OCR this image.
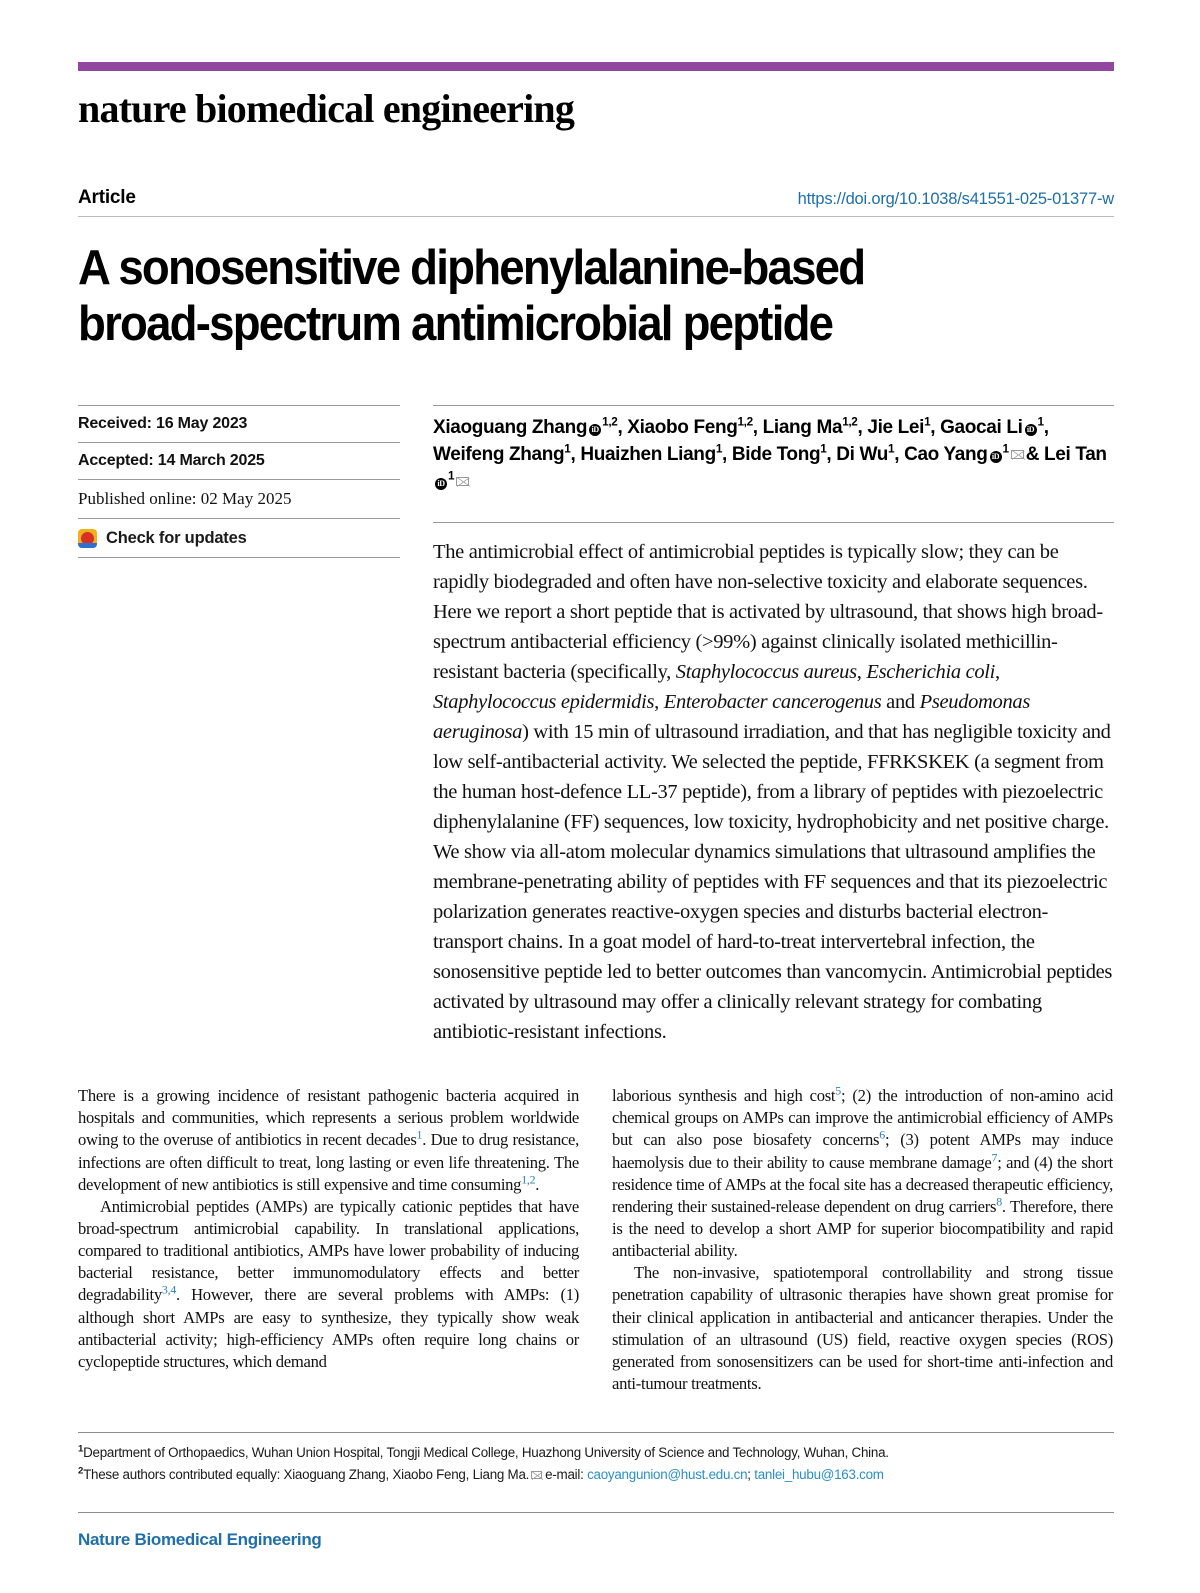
nature biomedical engineering
Article	https://doi.org/10.1038/s41551-025-01377-w
A sonosensitive diphenylalanine-based
broad-spectrum antimicrobial peptide
Received: 16 May 2023
Accepted: 14 March 2025
Published online: 02 May 2025
Check for updates
Xiaoguang Zhang iD$^{1,2}$, Xiaobo Feng$^{1,2}$, Liang Ma$^{1,2}$, Jie Lei$^1$, Gaocai Li $iD^1$, Weifeng Zhang$^1$, Huaizhen Liang$^1$, Bide Tong$^1$, Di Wu$^1$, Cao Yang $iD^1$ & Lei TaniD$^1$
The antimicrobial effect of antimicrobial peptides is typically slow; they can be rapidly biodegraded and often have non-selective toxicity and elaborate sequences. Here we report a short peptide that is activated by ultrasound, that shows high broad-spectrum antibacterial efficiency (>99%) against clinically isolated methicillin-resistant bacteria (specifically, Staphylococcus aureus, Escherichia coli, Staphylococcus epidermidis, Enterobacter cancerogenus and Pseudomonas aeruginosa) with 15 min of ultrasound irradiation, and that has negligible toxicity and low self-antibacterial activity. We selected the peptide, FFRKSKEK (a segment from the human host-defence LL-37 peptide), from a library of peptides with piezoelectric diphenylalanine (FF) sequences, low toxicity, hydrophobicity and net positive charge. We show via all-atom molecular dynamics simulations that ultrasound amplifies the membrane-penetrating ability of peptides with FF sequences and that its piezoelectric polarization generates reactive-oxygen species and disturbs bacterial electron-transport chains. In a goat model of hard-to-treat intervertebral infection, the sonosensitive peptide led to better outcomes than vancomycin. Antimicrobial peptides activated by ultrasound may offer a clinically relevant strategy for combating antibiotic-resistant infections.

There is a growing incidence of resistant pathogenic bacteria acquired in hospitals and communities, which represents a serious problem worldwide owing to the overuse of antibiotics in recent decades$^1$. Due to drug resistance, infections are often difficult to treat, long lasting or even life threatening. The development of new antibiotics is still expensive and time consuming$^{1,2}$.

Antimicrobial peptides (AMPs) are typically cationic peptides that have broad-spectrum antimicrobial capability. In translational applications, compared to traditional antibiotics, AMPs have lower probability of inducing bacterial resistance, better immunomodulatory effects and better degradability$^{3,4}$. However, there are several problems with AMPs: (1) although short AMPs are easy to synthesize, they typically show weak antibacterial activity; high-efficiency AMPs often require long chains or cyclopeptide structures, which demand

laborious synthesis and high cost$^5$; (2) the introduction of non-amino acid chemical groups on AMPs can improve the antimicrobial efficiency of AMPs but can also pose biosafety concerns$^6$; (3) potent AMPs may induce haemolysis due to their ability to cause membrane damage$^7$; and (4) the short residence time of AMPs at the focal site has a decreased therapeutic efficiency, rendering their sustained-release dependent on drug carriers$^8$. Therefore, there is the need to develop a short AMP for superior biocompatibility and rapid antibacterial ability.

The non-invasive, spatiotemporal controllability and strong tissue penetration capability of ultrasonic therapies have shown great promise for their clinical application in antibacterial and anticancer therapies. Under the stimulation of an ultrasound (US) field, reactive oxygen species (ROS) generated from sonosensitizers can be used for short-time anti-infection and anti-tumour treatments.

$^1$Department of Orthopaedics, Wuhan Union Hospital, Tongji Medical College, Huazhong University of Science and Technology, Wuhan, China.
$^2$These authors contributed equally: Xiaoguang Zhang, Xiaobo Feng, Liang Ma. e-mail: caoyangunion@hust.edu.cn; tanlei_hubu@163.com
Nature Biomedical Engineering
